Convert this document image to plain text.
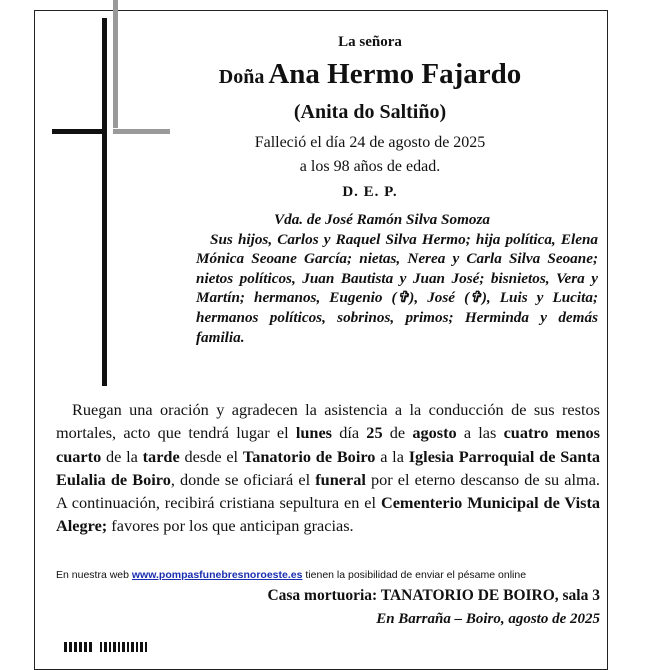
La señora
Doña Ana Hermo Fajardo
(Anita do Saltiño)
Falleció el día 24 de agosto de 2025
a los 98 años de edad.
D. E. P.
Vda. de José Ramón Silva Somoza

Sus hijos, Carlos y Raquel Silva Hermo; hija política, Elena Mónica Seoane García; nietas, Nerea y Carla Silva Seoane; nietos políticos, Juan Bautista y Juan José; bisnietos, Vera y Martín; hermanos, Eugenio (✞), José (✞), Luis y Lucita; hermanos políticos, sobrinos, primos; Herminda y demás familia.

Ruegan una oración y agradecen la asistencia a la conducción de sus restos mortales, acto que tendrá lugar el lunes día 25 de agosto a las cuatro menos cuarto de la tarde desde el Tanatorio de Boiro a la Iglesia Parroquial de Santa Eulalia de Boiro, donde se oficiará el funeral por el eterno descanso de su alma. A continuación, recibirá cristiana sepultura en el Cementerio Municipal de Vista Alegre; favores por los que anticipan gracias.

En nuestra web www.pompasfunebresnoroeste.es tienen la posibilidad de enviar el pésame online

Casa mortuoria: TANATORIO DE BOIRO, sala 3

En Barraña – Boiro, agosto de 2025
